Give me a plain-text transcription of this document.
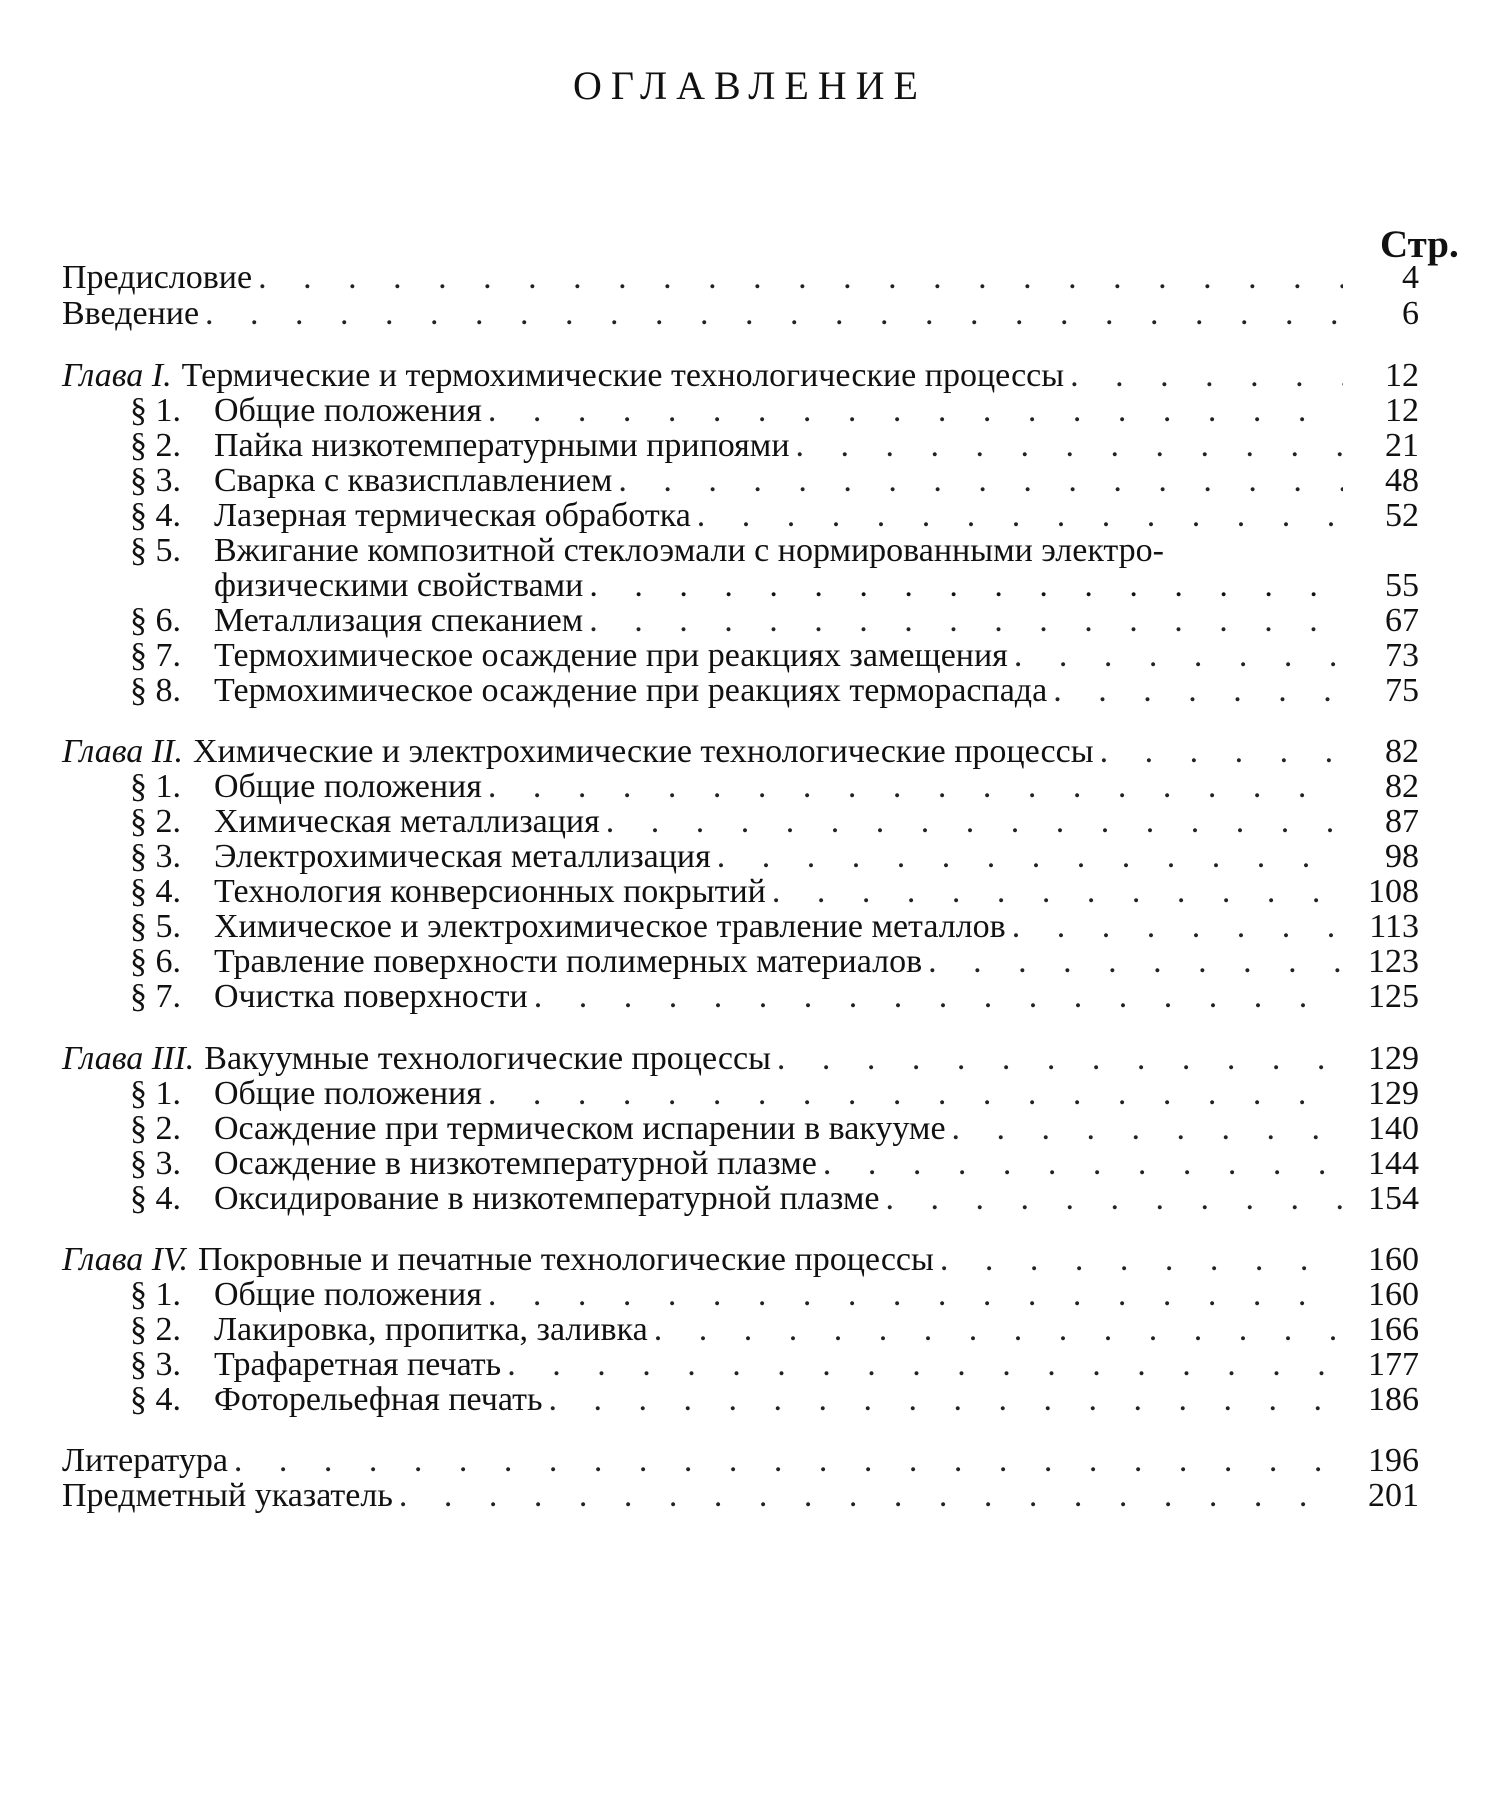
ОГЛАВЛЕНИЕ
Стр.
Предисловие . . .	4
Введение . . .	6
Глава I. Термические и термохимические технологические процессы . . .	12
§ 1. Общие положения . . .	12
§ 2. Пайка низкотемпературными припоями . . .	21
§ 3. Сварка с квазисплавлением . . .	48
§ 4. Лазерная термическая обработка . . .	52
§ 5. Вжигание композитной стеклоэмали с нормированными электро-
физическими свойствами . . .	55
§ 6. Металлизация спеканием . . .	67
§ 7. Термохимическое осаждение при реакциях замещения . . .	73
§ 8. Термохимическое осаждение при реакциях термораспада . . .	75
Глава II. Химические и электрохимические технологические процессы . . .	82
§ 1. Общие положения . . .	82
§ 2. Химическая металлизация . . .	87
§ 3. Электрохимическая металлизация . . .	98
§ 4. Технология конверсионных покрытий . . .	108
§ 5. Химическое и электрохимическое травление металлов . . .	113
§ 6. Травление поверхности полимерных материалов . . .	123
§ 7. Очистка поверхности . . .	125
Глава III. Вакуумные технологические процессы . . .	129
§ 1. Общие положения . . .	129
§ 2. Осаждение при термическом испарении в вакууме . . .	140
§ 3. Осаждение в низкотемпературной плазме . . .	144
§ 4. Оксидирование в низкотемпературной плазме . . .	154
Глава IV. Покровные и печатные технологические процессы . . .	160
§ 1. Общие положения . . .	160
§ 2. Лакировка, пропитка, заливка . . .	166
§ 3. Трафаретная печать . . .	177
§ 4. Фоторельефная печать . . .	186
Литература . . .	196
Предметный указатель . . .	201
